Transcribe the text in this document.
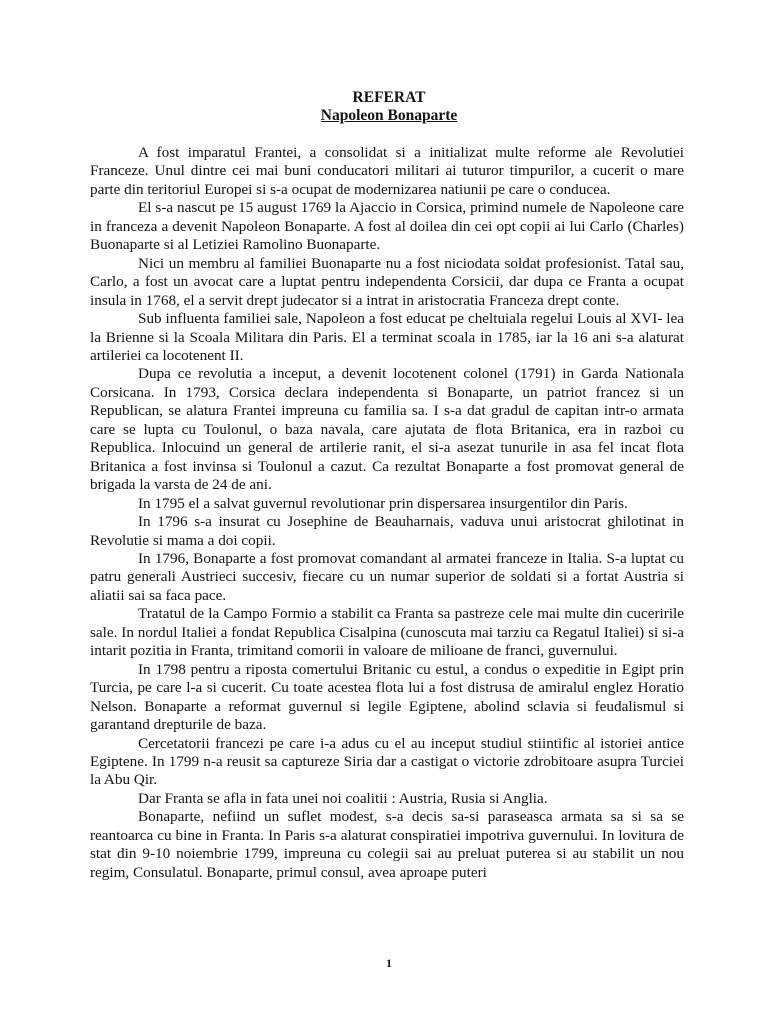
REFERAT
Napoleon Bonaparte

A fost imparatul Frantei, a consolidat si a initializat multe reforme ale Revolutiei Franceze. Unul dintre cei mai buni conducatori militari ai tuturor timpurilor, a cucerit o mare parte din teritoriul Europei si s-a ocupat de modernizarea natiunii pe care o conducea.

El s-a nascut pe 15 august 1769 la Ajaccio in Corsica, primind numele de Napoleone care in franceza a devenit Napoleon Bonaparte. A fost al doilea din cei opt copii ai lui Carlo (Charles) Buonaparte si al Letiziei Ramolino Buonaparte.

Nici un membru al familiei Buonaparte nu a fost niciodata soldat profesionist. Tatal sau, Carlo, a fost un avocat care a luptat pentru independenta Corsicii, dar dupa ce Franta a ocupat insula in 1768, el a servit drept judecator si a intrat in aristocratia Franceza drept conte.

Sub influenta familiei sale, Napoleon a fost educat pe cheltuiala regelui Louis al XVI- lea la Brienne si la Scoala Militara din Paris. El a terminat scoala in 1785, iar la 16 ani s-a alaturat artileriei ca locotenent II.

Dupa ce revolutia a inceput, a devenit locotenent colonel (1791) in Garda Nationala Corsicana. In 1793, Corsica declara independenta si Bonaparte, un patriot francez si un Republican, se alatura Frantei impreuna cu familia sa. I s-a dat gradul de capitan intr-o armata care se lupta cu Toulonul, o baza navala, care ajutata de flota Britanica, era in razboi cu Republica. Inlocuind un general de artilerie ranit, el si-a asezat tunurile in asa fel incat flota Britanica a fost invinsa si Toulonul a cazut. Ca rezultat Bonaparte a fost promovat general de brigada la varsta de 24 de ani.

In 1795 el a salvat guvernul revolutionar prin dispersarea insurgentilor din Paris.

In 1796 s-a insurat cu Josephine de Beauharnais, vaduva unui aristocrat ghilotinat in Revolutie si mama a doi copii.

In 1796, Bonaparte a fost promovat comandant al armatei franceze in Italia. S-a luptat cu patru generali Austrieci succesiv, fiecare cu un numar superior de soldati si a fortat Austria si aliatii sai sa faca pace.

Tratatul de la Campo Formio a stabilit ca Franta sa pastreze cele mai multe din cuceririle sale. In nordul Italiei a fondat Republica Cisalpina (cunoscuta mai tarziu ca Regatul Italiei) si si-a intarit pozitia in Franta, trimitand comorii in valoare de milioane de franci, guvernului.

In 1798 pentru a riposta comertului Britanic cu estul, a condus o expeditie in Egipt prin Turcia, pe care l-a si cucerit. Cu toate acestea flota lui a fost distrusa de amiralul englez Horatio Nelson. Bonaparte a reformat guvernul si legile Egiptene, abolind sclavia si feudalismul si garantand drepturile de baza.

Cercetatorii francezi pe care i-a adus cu el au inceput studiul stiintific al istoriei antice Egiptene. In 1799 n-a reusit sa captureze Siria dar a castigat o victorie zdrobitoare asupra Turciei la Abu Qir.

Dar Franta se afla in fata unei noi coalitii : Austria, Rusia si Anglia.

Bonaparte, nefiind un suflet modest, s-a decis sa-si paraseasca armata sa si sa se reantoarca cu bine in Franta. In Paris s-a alaturat conspiratiei impotriva guvernului. In lovitura de stat din 9-10 noiembrie 1799, impreuna cu colegii sai au preluat puterea si au stabilit un nou regim, Consulatul. Bonaparte, primul consul, avea aproape puteri

1
